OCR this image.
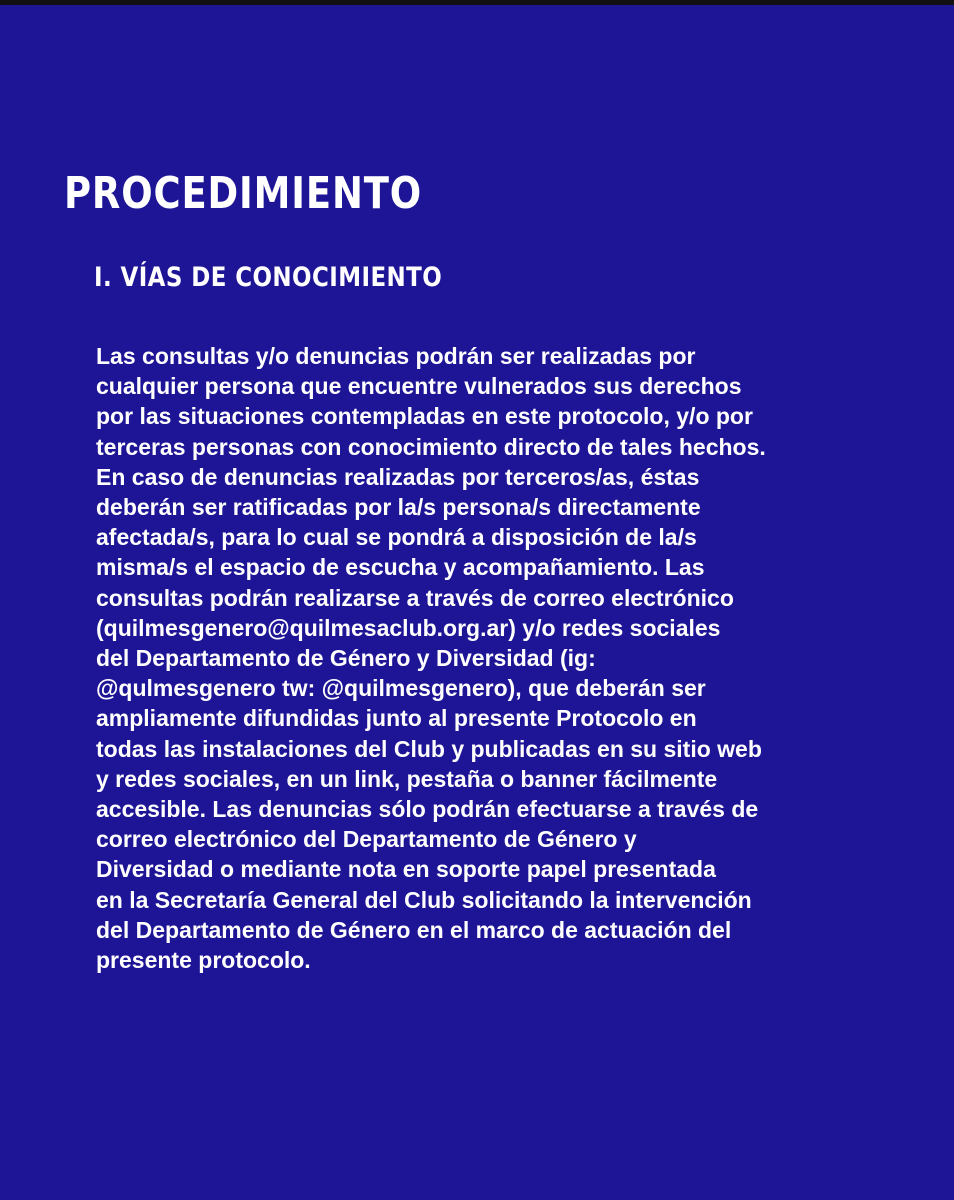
PROCEDIMIENTO
I. VÍAS DE CONOCIMIENTO
Las consultas y/o denuncias podrán ser realizadas por
cualquier persona que encuentre vulnerados sus derechos
por las situaciones contempladas en este protocolo, y/o por
terceras personas con conocimiento directo de tales hechos.
En caso de denuncias realizadas por terceros/as, éstas
deberán ser ratificadas por la/s persona/s directamente
afectada/s, para lo cual se pondrá a disposición de la/s
misma/s el espacio de escucha y acompañamiento. Las
consultas podrán realizarse a través de correo electrónico
(quilmesgenero@quilmesaclub.org.ar) y/o redes sociales
del Departamento de Género y Diversidad (ig:
@qulmesgenero tw: @quilmesgenero), que deberán ser
ampliamente difundidas junto al presente Protocolo en
todas las instalaciones del Club y publicadas en su sitio web
y redes sociales, en un link, pestaña o banner fácilmente
accesible. Las denuncias sólo podrán efectuarse a través de
correo electrónico del Departamento de Género y
Diversidad o mediante nota en soporte papel presentada
en la Secretaría General del Club solicitando la intervención
del Departamento de Género en el marco de actuación del
presente protocolo.
